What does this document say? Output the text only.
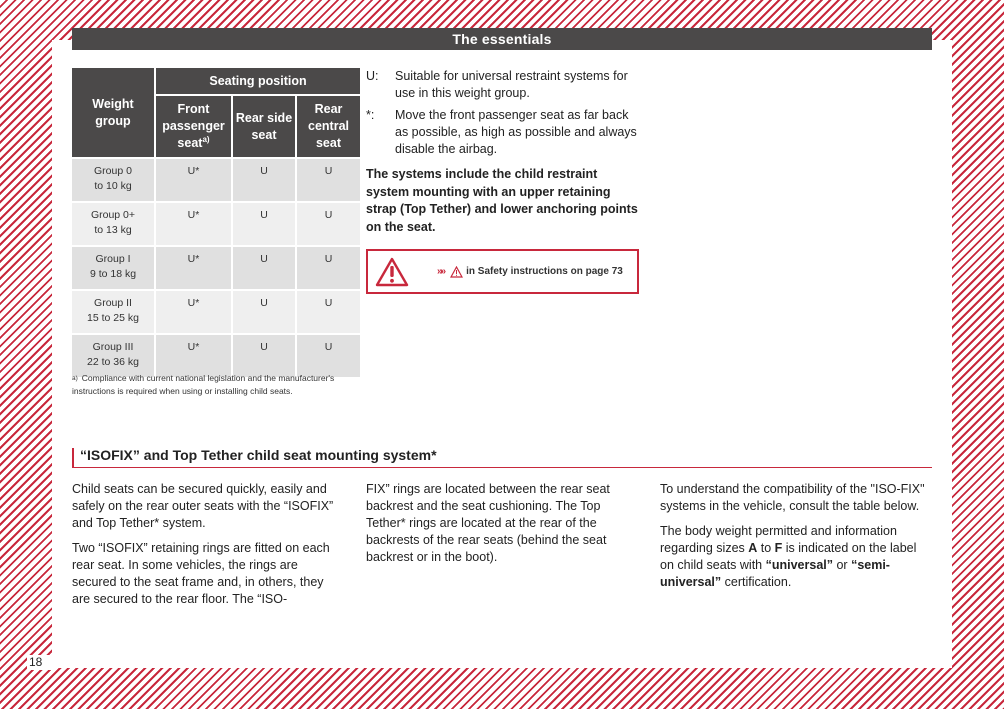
18
The essentials
Weight group	Seating position		
	Front passenger seat$^{a)}$	Rear side seat	Rear central seat
Group 0
to 10 kg	U*	U	U
Group 0+
to 13 kg	U*	U	U
Group I
9 to 18 kg	U*	U	U
Group II
15 to 25 kg	U*	U	U
Group III
22 to 36 kg	U*	U	U
$^{a)}$ Compliance with current national legislation and the manufacturer's instructions is required when using or installing child seats.
U:	Suitable for universal restraint systems for use in this weight group.
*:	Move the front passenger seat as far back as possible, as high as possible and always disable the airbag.
The systems include the child restraint system mounting with an upper retaining strap (Top Tether) and lower anchoring points on the seat.
»» in Safety instructions on page 73
“ISOFIX” and Top Tether child seat mounting system*

Child seats can be secured quickly, easily and safely on the rear outer seats with the “ISOFIX” and Top Tether* system.

Two “ISOFIX” retaining rings are fitted on each rear seat. In some vehicles, the rings are secured to the seat frame and, in others, they are secured to the rear floor. The “ISO-

FIX” rings are located between the rear seat backrest and the seat cushioning. The Top Tether* rings are located at the rear of the backrests of the rear seats (behind the seat backrest or in the boot).

To understand the compatibility of the "ISO-FIX" systems in the vehicle, consult the table below.

The body weight permitted and information regarding sizes A to F is indicated on the label on child seats with “universal” or “semi-universal” certification.
